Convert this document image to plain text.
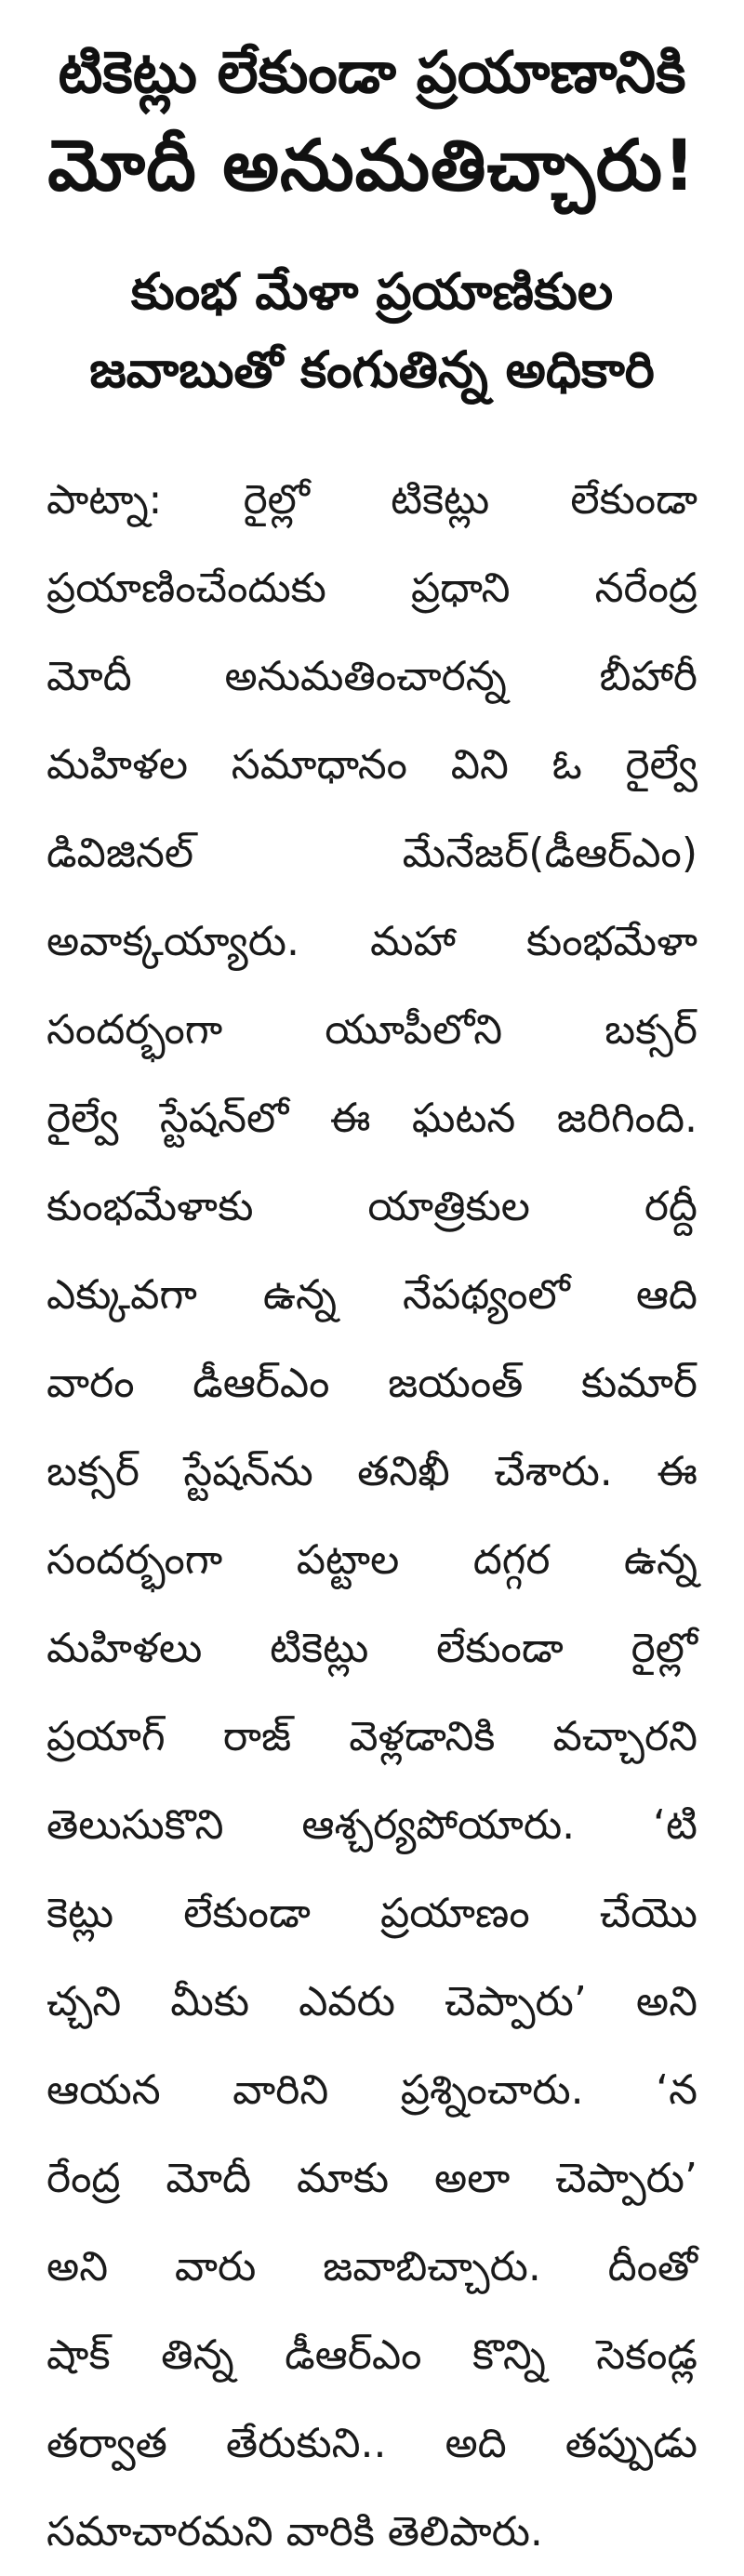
టికెట్లు లేకుండా ప్రయాణానికి
మోదీ అనుమతిచ్చారు!
కుంభ మేళా ప్రయాణికుల
జవాబుతో కంగుతిన్న అధికారి
పాట్నా: రైల్లో టికెట్లు లేకుండా
ప్రయాణించేందుకు ప్రధాని నరేంద్ర
మోదీ అనుమతించారన్న బీహారీ
మహిళల సమాధానం విని ఓ రైల్వే
డివిజినల్ మేనేజర్(డీఆర్ఎం)
అవాక్కయ్యారు. మహా కుంభమేళా
సందర్భంగా యూపీలోని బక్సర్
రైల్వే స్టేషన్‌లో ఈ ఘటన జరిగింది.
కుంభమేళాకు యాత్రికుల రద్దీ
ఎక్కువగా ఉన్న నేపథ్యంలో ఆది
వారం డీఆర్ఎం జయంత్ కుమార్
బక్సర్ స్టేషన్‌ను తనిఖీ చేశారు. ఈ
సందర్భంగా పట్టాల దగ్గర ఉన్న
మహిళలు టికెట్లు లేకుండా రైల్లో
ప్రయాగ్ రాజ్ వెళ్లడానికి వచ్చారని
తెలుసుకొని ఆశ్చర్యపోయారు. ‘టి
కెట్లు లేకుండా ప్రయాణం చేయొ
చ్చని మీకు ఎవరు చెప్పారు’ అని
ఆయన వారిని ప్రశ్నించారు. ‘న
రేంద్ర మోదీ మాకు అలా చెప్పారు’
అని వారు జవాబిచ్చారు. దీంతో
షాక్ తిన్న డీఆర్ఎం కొన్ని సెకండ్ల
తర్వాత తేరుకుని.. అది తప్పుడు
సమాచారమని వారికి తెలిపారు.
